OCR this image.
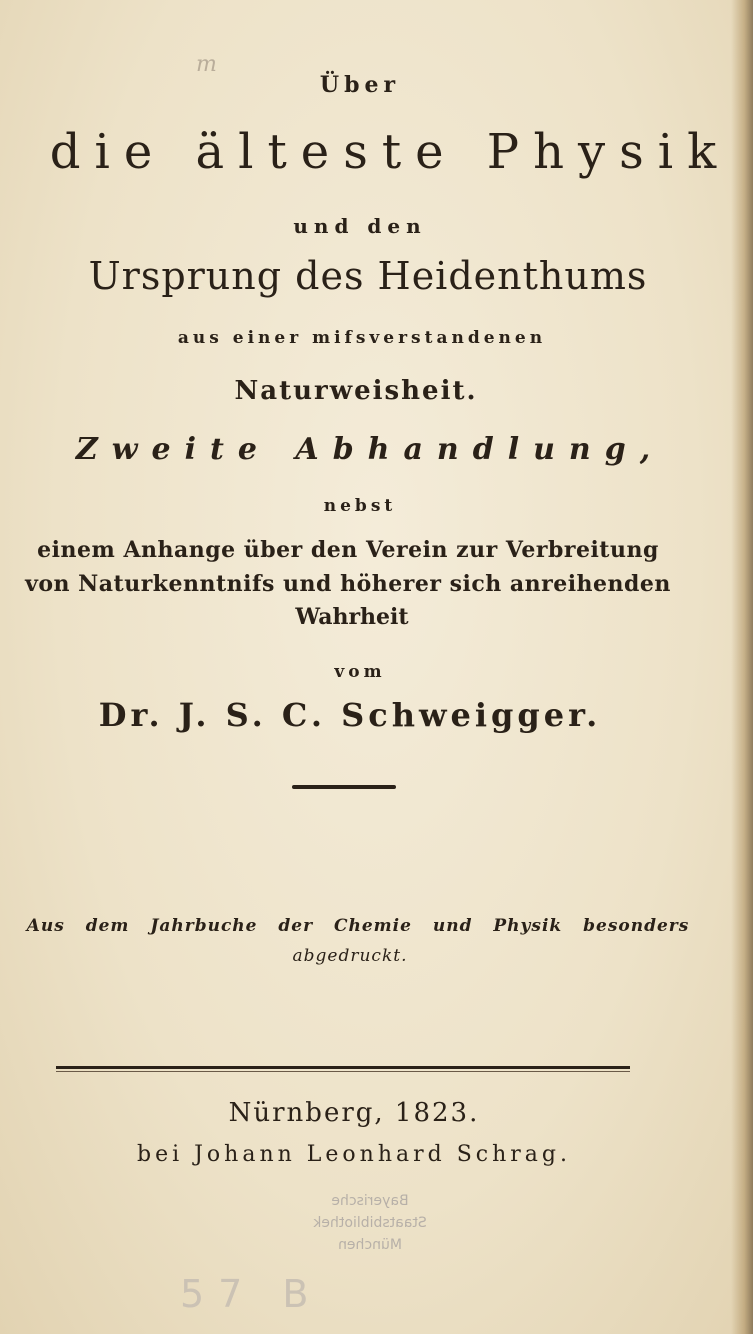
m
Über
die älteste Physik
und den
Ursprung des Heidenthums
aus einer mifsverstandenen
Naturweisheit.
Zweite Abhandlung,
nebst
einem Anhange über den Verein zur Verbreitung
von Naturkenntnifs und höherer sich anreihenden
Wahrheit
vom
Dr. J. S. C. Schweigger.
Aus dem Jahrbuche der Chemie und Physik besonders
abgedruckt.
Nürnberg, 1823.
bei Johann Leonhard Schrag.
Bayerische
Staatsbibliothek
München
57 B
